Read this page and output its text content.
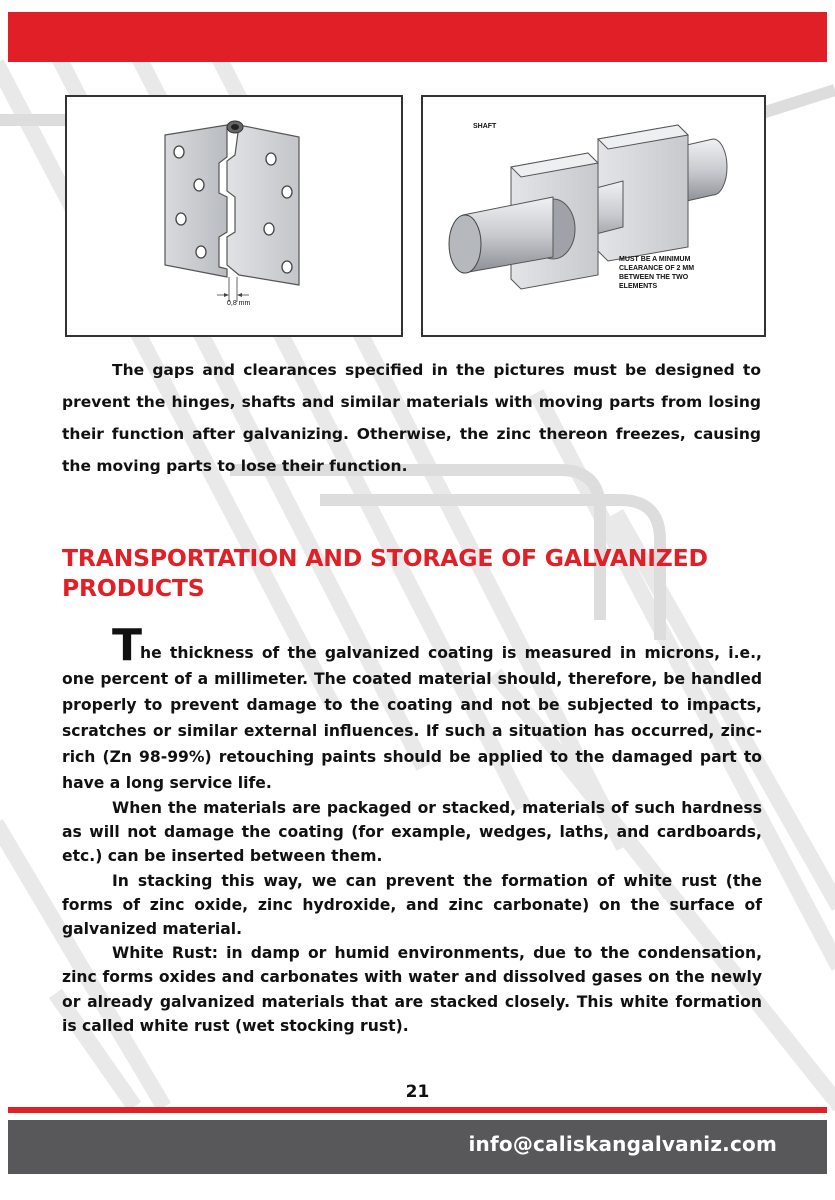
0,8 mm
SHAFT
MUST BE A MINIMUM
CLEARANCE OF 2 MM
BETWEEN THE TWO
ELEMENTS
The gaps and clearances specified in the pictures must be designed to prevent the hinges, shafts and similar materials with moving parts from losing their function after galvanizing. Otherwise, the zinc thereon freezes, causing the moving parts to lose their function.
TRANSPORTATION AND STORAGE OF GALVANIZED PRODUCTS

The thickness of the galvanized coating is measured in microns, i.e., one percent of a millimeter. The coated material should, therefore, be handled properly to prevent damage to the coating and not be subjected to impacts, scratches or similar external influences. If such a situation has occurred, zinc-rich (Zn 98-99%) retouching paints should be applied to the damaged part to have a long service life.

When the materials are packaged or stacked, materials of such hardness as will not damage the coating (for example, wedges, laths, and cardboards, etc.) can be inserted between them.

In stacking this way, we can prevent the formation of white rust (the forms of zinc oxide, zinc hydroxide, and zinc carbonate) on the surface of galvanized material.

White Rust: in damp or humid environments, due to the condensation, zinc forms oxides and carbonates with water and dissolved gases on the newly or already galvanized materials that are stacked closely. This white formation is called white rust (wet stocking rust).

21
info@caliskangalvaniz.com
